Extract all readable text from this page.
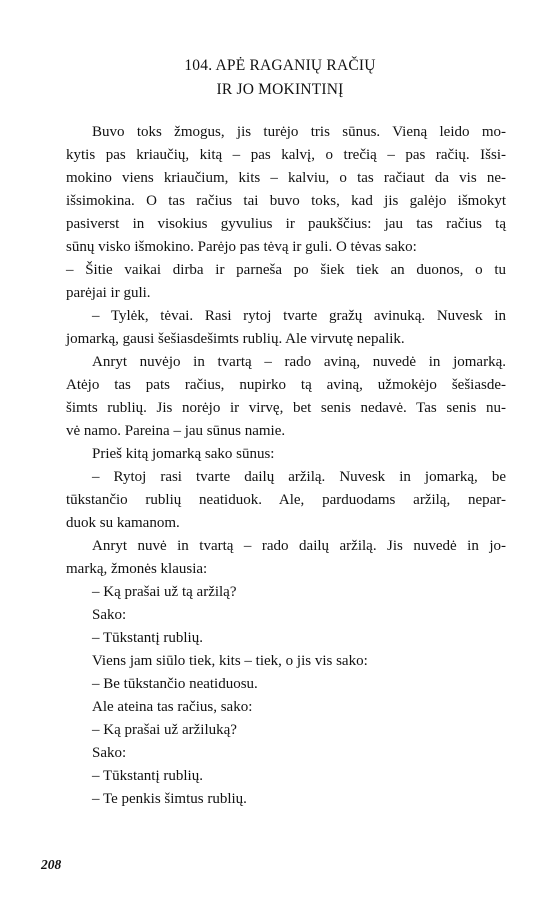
104. APĖ RAGANIŲ RAČIŲ
IR JO MOKINTINĮ
Buvo toks žmogus, jis turėjo tris sūnus. Vieną leido mo-
kytis pas kriaučių, kitą – pas kalvį, o trečią – pas račių. Išsi-
mokino viens kriaučium, kits – kalviu, o tas račiaut da vis ne-
išsimokina. O tas račius tai buvo toks, kad jis galėjo išmokyt
pasiverst in visokius gyvulius ir paukščius: jau tas račius tą
sūnų visko išmokino. Parėjo pas tėvą ir guli. O tėvas sako:
– Šitie vaikai dirba ir parneša po šiek tiek an duonos, o tu
parėjai ir guli.
– Tylėk, tėvai. Rasi rytoj tvarte gražų avinuką. Nuvesk in
jomarką, gausi šešiasdešimts rublių. Ale virvutę nepalik.
Anryt nuvėjo in tvartą – rado aviną, nuvedė in jomarką.
Atėjo tas pats račius, nupirko tą aviną, užmokėjo šešiasde-
šimts rublių. Jis norėjo ir virvę, bet senis nedavė. Tas senis nu-
vė namo. Pareina – jau sūnus namie.
Prieš kitą jomarką sako sūnus:
– Rytoj rasi tvarte dailų aržilą. Nuvesk in jomarką, be
tūkstančio rublių neatiduok. Ale, parduodams aržilą, nepar-
duok su kamanom.
Anryt nuvė in tvartą – rado dailų aržilą. Jis nuvedė in jo-
marką, žmonės klausia:
– Ką prašai už tą aržilą?
Sako:
– Tūkstantį rublių.
Viens jam siūlo tiek, kits – tiek, o jis vis sako:
– Be tūkstančio neatiduosu.
Ale ateina tas račius, sako:
– Ką prašai už aržiluką?
Sako:
– Tūkstantį rublių.
– Te penkis šimtus rublių.
208
